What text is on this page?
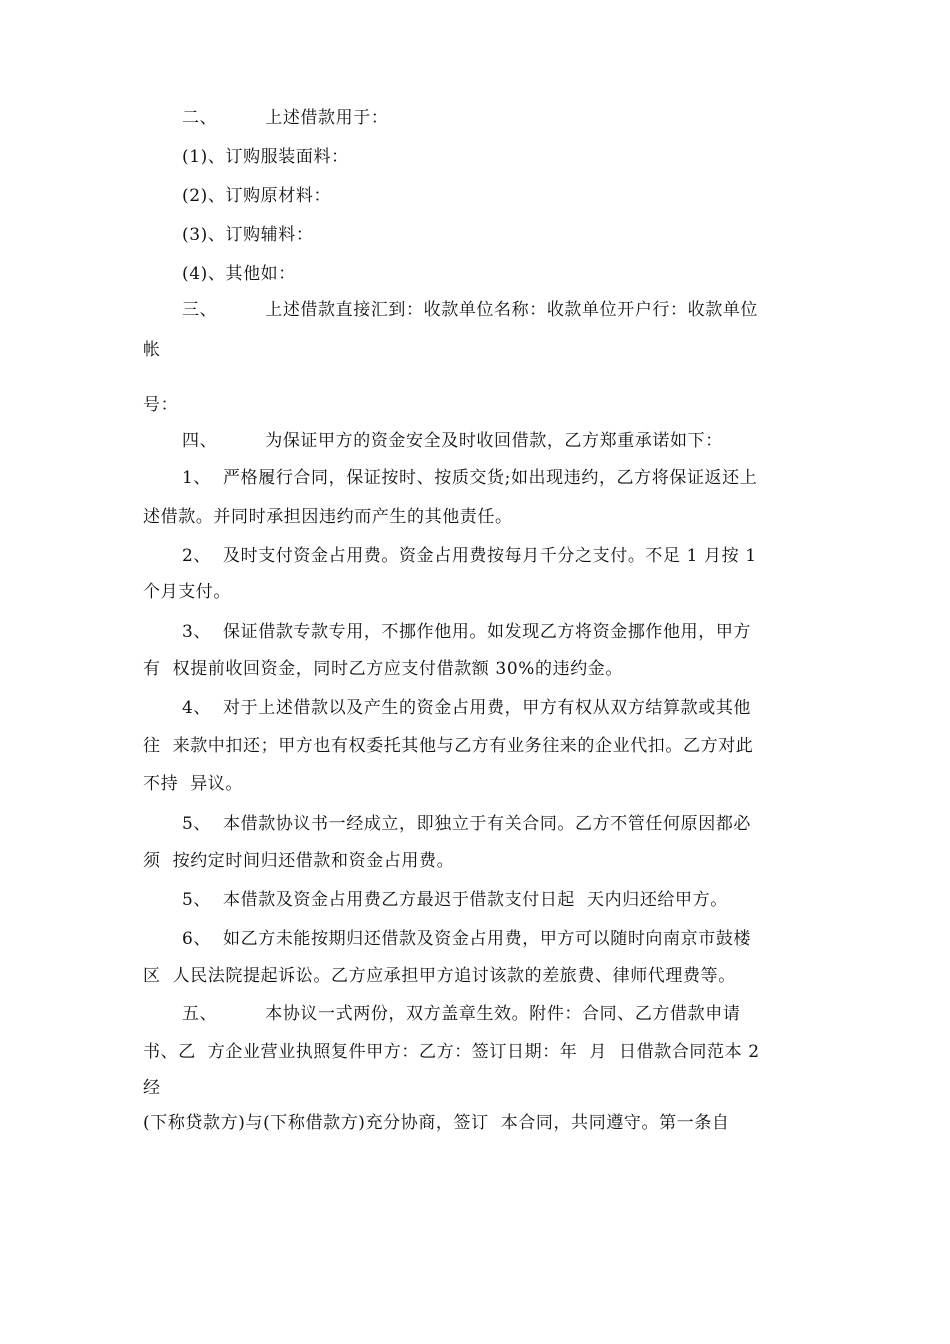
二、        上述借款用于：
(1)、订购服装面料：
(2)、订购原材料：
(3)、订购辅料：
(4)、其他如：
三、        上述借款直接汇到：收款单位名称：收款单位开户行：收款单位
帐
号：
四、        为保证甲方的资金安全及时收回借款，乙方郑重承诺如下：
1、  严格履行合同，保证按时、按质交货;如出现违约，乙方将保证返还上
述借款。并同时承担因违约而产生的其他责任。
2、  及时支付资金占用费。资金占用费按每月千分之支付。不足 1 月按 1
个月支付。
3、  保证借款专款专用，不挪作他用。如发现乙方将资金挪作他用，甲方
有  权提前收回资金，同时乙方应支付借款额 30%的违约金。
4、  对于上述借款以及产生的资金占用费，甲方有权从双方结算款或其他
往  来款中扣还；甲方也有权委托其他与乙方有业务往来的企业代扣。乙方对此
不持  异议。
5、  本借款协议书一经成立，即独立于有关合同。乙方不管任何原因都必
须  按约定时间归还借款和资金占用费。
5、  本借款及资金占用费乙方最迟于借款支付日起  天内归还给甲方。
6、  如乙方未能按期归还借款及资金占用费，甲方可以随时向南京市鼓楼
区  人民法院提起诉讼。乙方应承担甲方追讨该款的差旅费、律师代理费等。
五、        本协议一式两份，双方盖章生效。附件：合同、乙方借款申请
书、乙  方企业营业执照复件甲方：乙方：签订日期：年  月  日借款合同范本 2
经
(下称贷款方)与(下称借款方)充分协商，签订  本合同，共同遵守。第一条自
